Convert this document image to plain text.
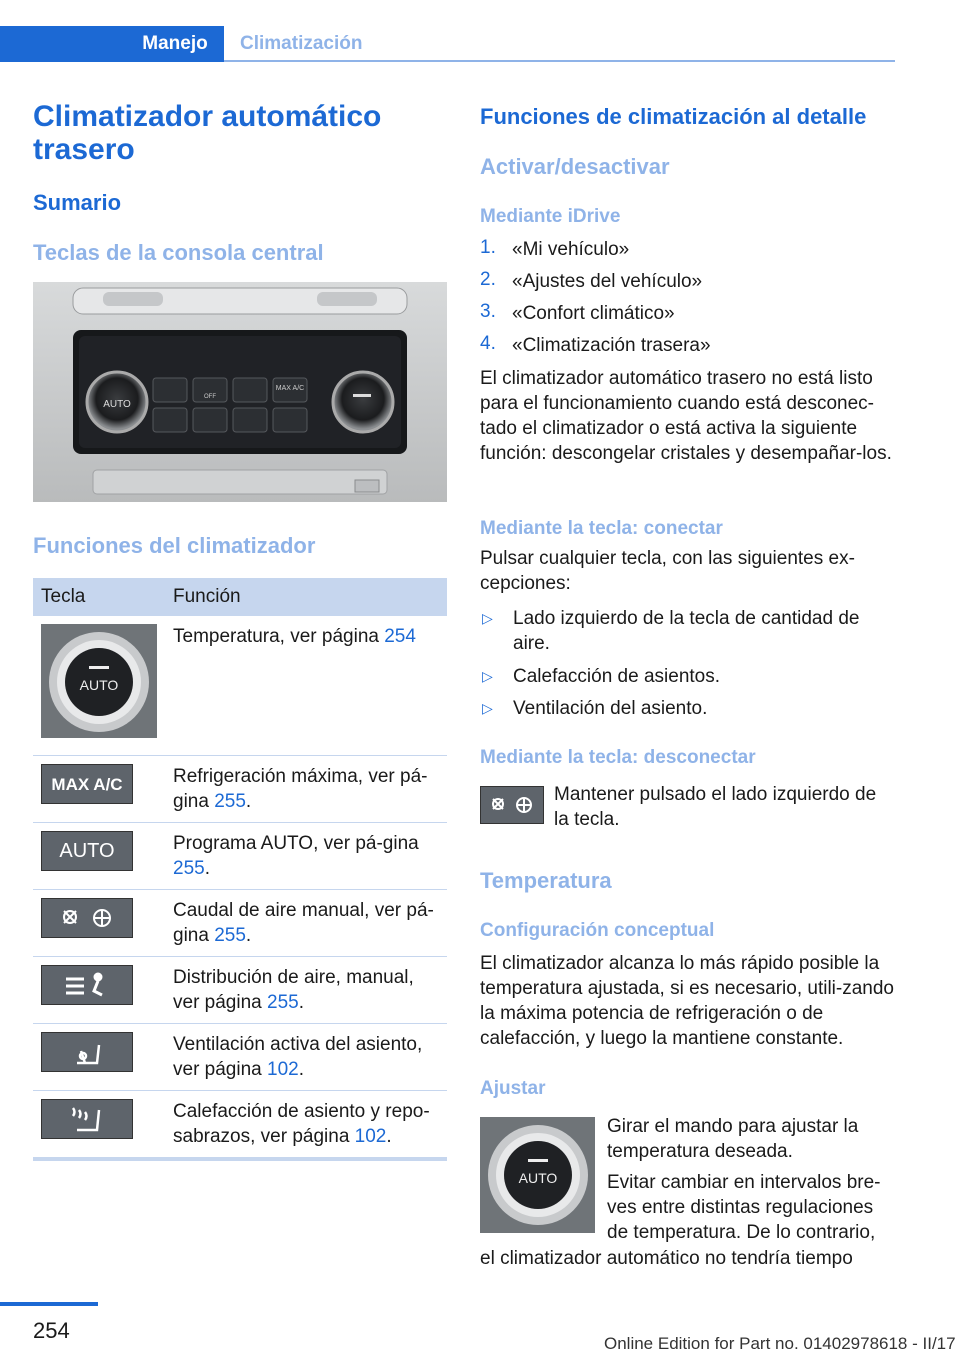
Manejo	Climatización
Climatizador automático trasero
Sumario
Teclas de la consola central
AUTO
MAX A/C
OFF
Funciones del climatizador
Tecla	Función

AUTO	Temperatura, ver página 254

MAX A/C	Refrigeración máxima, ver pá‐gina 255.

AUTO	Programa AUTO, ver pá‐gina 255.

	Caudal de aire manual, ver pá‐gina 255.

	Distribución de aire, manual, ver página 255.

	Ventilación activa del asiento, ver página 102.

	Calefacción de asiento y repo‐sabrazos, ver página 102.
Funciones de climatización al detalle
Activar/desactivar
Mediante iDrive
1. «Mi vehículo»
2. «Ajustes del vehículo»
3. «Confort climático»
4. «Climatización trasera»
El climatizador automático trasero no está listo para el funcionamiento cuando está desconec‐tado el climatizador o está activa la siguiente función: descongelar cristales y desempañar‐los.
Mediante la tecla: conectar
Pulsar cualquier tecla, con las siguientes ex‐cepciones:
▷ Lado izquierdo de la tecla de cantidad de aire.
▷ Calefacción de asientos.
▷ Ventilación del asiento.
Mediante la tecla: desconectar
Mantener pulsado el lado izquierdo de la tecla.
Temperatura
Configuración conceptual
El climatizador alcanza lo más rápido posible la temperatura ajustada, si es necesario, utili‐zando la máxima potencia de refrigeración o de calefacción, y luego la mantiene constante.
Ajustar
AUTO
Girar el mando para ajustar la temperatura deseada.
Evitar cambiar en intervalos bre‐ves entre distintas regulaciones de temperatura. De lo contrario,
el climatizador automático no tendría tiempo
254
Online Edition for Part no. 01402978618 - II/17
